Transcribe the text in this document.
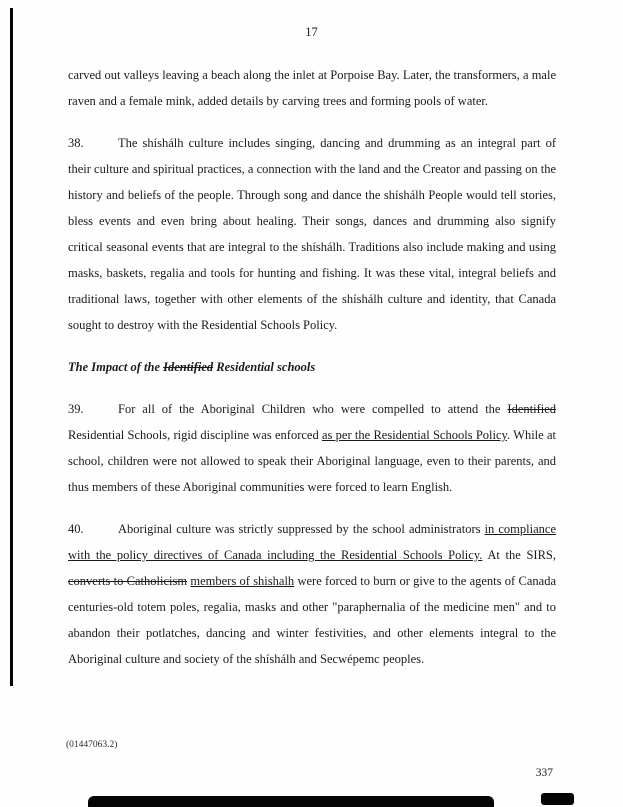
17

carved out valleys leaving a beach along the inlet at Porpoise Bay. Later, the transformers, a male raven and a female mink, added details by carving trees and forming pools of water.

38.	The shíshálh culture includes singing, dancing and drumming as an integral part of their culture and spiritual practices, a connection with the land and the Creator and passing on the history and beliefs of the people. Through song and dance the shíshálh People would tell stories, bless events and even bring about healing. Their songs, dances and drumming also signify critical seasonal events that are integral to the shíshálh. Traditions also include making and using masks, baskets, regalia and tools for hunting and fishing. It was these vital, integral beliefs and traditional laws, together with other elements of the shíshálh culture and identity, that Canada sought to destroy with the Residential Schools Policy.

The Impact of the Identified Residential schools

39.	For all of the Aboriginal Children who were compelled to attend the Identified Residential Schools, rigid discipline was enforced as per the Residential Schools Policy. While at school, children were not allowed to speak their Aboriginal language, even to their parents, and thus members of these Aboriginal communities were forced to learn English.

40.	Aboriginal culture was strictly suppressed by the school administrators in compliance with the policy directives of Canada including the Residential Schools Policy. At the SIRS, converts to Catholicism members of shishalh were forced to burn or give to the agents of Canada centuries-old totem poles, regalia, masks and other "paraphernalia of the medicine men" and to abandon their potlatches, dancing and winter festivities, and other elements integral to the Aboriginal culture and society of the shíshálh and Secwépemc peoples.

(01447063.2)
337
